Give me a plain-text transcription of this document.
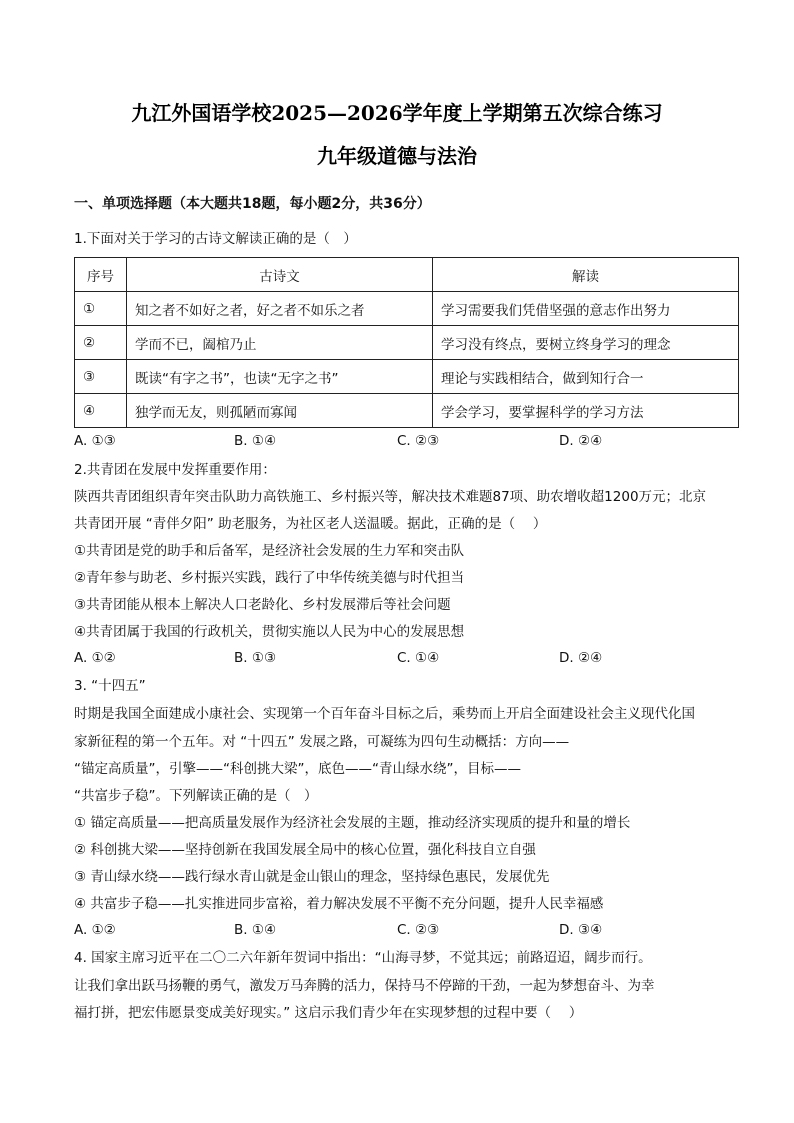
九江外国语学校2025—2026学年度上学期第五次综合练习
九年级道德与法治
一、单项选择题（本大题共18题，每小题2分，共36分）
1.下面对关于学习的古诗文解读正确的是（　）
序号	古诗文	解读
①	知之者不如好之者，好之者不如乐之者	学习需要我们凭借坚强的意志作出努力
②	学而不已，阖棺乃止	学习没有终点，要树立终身学习的理念
③	既读“有字之书”，也读“无字之书”	理论与实践相结合，做到知行合一
④	独学而无友，则孤陋而寡闻	学会学习，要掌握科学的学习方法
A. ①③	B. ①④	C. ②③	D. ②④
2.共青团在发展中发挥重要作用：
陕西共青团组织青年突击队助力高铁施工、乡村振兴等，解决技术难题87项、助农增收超1200万元；北京
共青团开展 “青伴夕阳” 助老服务，为社区老人送温暖。据此，正确的是（　 ）
①共青团是党的助手和后备军，是经济社会发展的生力军和突击队
②青年参与助老、乡村振兴实践，践行了中华传统美德与时代担当
③共青团能从根本上解决人口老龄化、乡村发展滞后等社会问题
④共青团属于我国的行政机关，贯彻实施以人民为中心的发展思想
A. ①②	B. ①③	C. ①④	D. ②④
3. “十四五”
时期是我国全面建成小康社会、实现第一个百年奋斗目标之后，乘势而上开启全面建设社会主义现代化国
家新征程的第一个五年。对 “十四五” 发展之路，可凝练为四句生动概括：方向——
“锚定高质量”，引擎——“科创挑大梁”，底色——“青山绿水绕”，目标——
“共富步子稳”。下列解读正确的是（　）
① 锚定高质量——把高质量发展作为经济社会发展的主题，推动经济实现质的提升和量的增长
② 科创挑大梁——坚持创新在我国发展全局中的核心位置，强化科技自立自强
③ 青山绿水绕——践行绿水青山就是金山银山的理念，坚持绿色惠民，发展优先
④ 共富步子稳——扎实推进同步富裕，着力解决发展不平衡不充分问题，提升人民幸福感
A. ①②	B. ①④	C. ②③	D. ③④
4. 国家主席习近平在二〇二六年新年贺词中指出：“山海寻梦，不觉其远；前路迢迢，阔步而行。
让我们拿出跃马扬鞭的勇气，激发万马奔腾的活力，保持马不停蹄的干劲，一起为梦想奋斗、为幸
福打拼，把宏伟愿景变成美好现实。” 这启示我们青少年在实现梦想的过程中要（　 ）
